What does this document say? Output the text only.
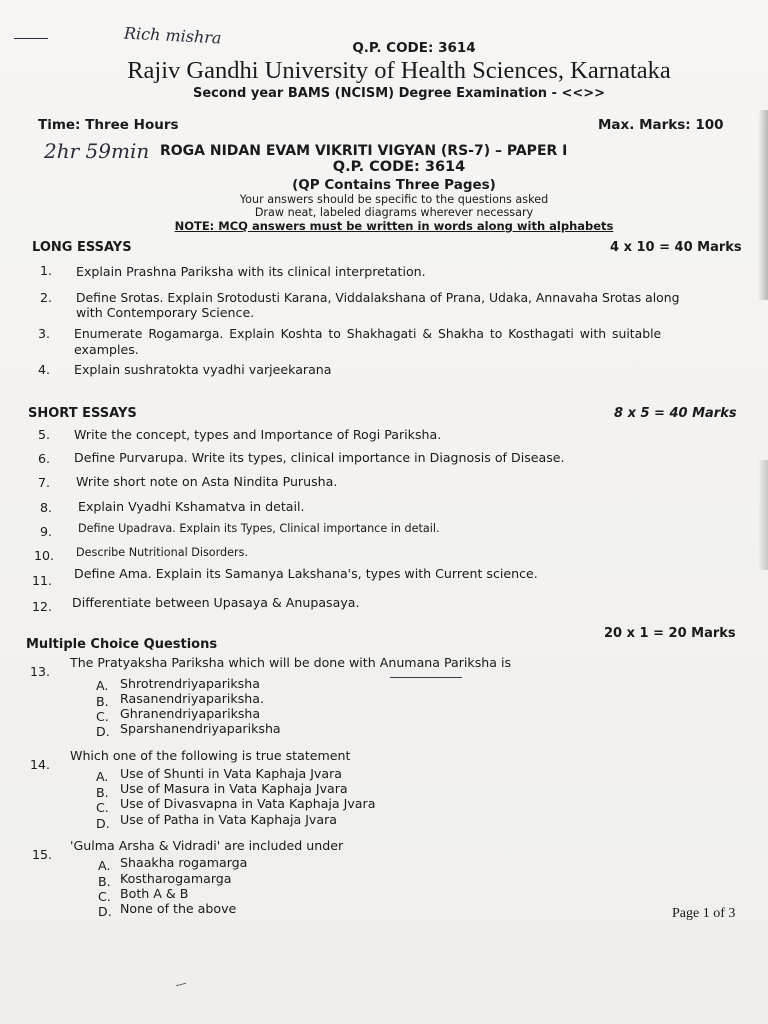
Rich mishra
Q.P. CODE: 3614
Rajiv Gandhi University of Health Sciences, Karnataka
Second year BAMS (NCISM) Degree Examination - <<>>
Time: Three Hours	Max. Marks: 100
2hr 59min ROGA NIDAN EVAM VIKRITI VIGYAN (RS-7) – PAPER I
Q.P. CODE: 3614
(QP Contains Three Pages)
Your answers should be specific to the questions asked
Draw neat, labeled diagrams wherever necessary
NOTE: MCQ answers must be written in words along with alphabets
LONG ESSAYS	4 x 10 = 40 Marks
1. Explain Prashna Pariksha with its clinical interpretation.
2. Define Srotas. Explain Srotodusti Karana, Viddalakshana of Prana, Udaka, Annavaha Srotas along
with Contemporary Science.
3. Enumerate Rogamarga. Explain Koshta to Shakhagati & Shakha to Kosthagati with suitable
examples.
4. Explain sushratokta vyadhi varjeekarana
SHORT ESSAYS	8 x 5 = 40 Marks
5. Write the concept, types and Importance of Rogi Pariksha.
6. Define Purvarupa. Write its types, clinical importance in Diagnosis of Disease.
7. Write short note on Asta Nindita Purusha.
8. Explain Vyadhi Kshamatva in detail.
9. Define Upadrava. Explain its Types, Clinical importance in detail.
10. Describe Nutritional Disorders.
11. Define Ama. Explain its Samanya Lakshana's, types with Current science.
12. Differentiate between Upasaya & Anupasaya.
Multiple Choice Questions
20 x 1 = 20 Marks
13.
The Pratyaksha Pariksha which will be done with Anumana Pariksha is
A. Shrotrendriyapariksha
B. Rasanendriyapariksha.
C. Ghranendriyapariksha
D. Sparshanendriyapariksha
14.
Which one of the following is true statement
A. Use of Shunti in Vata Kaphaja Jvara
B. Use of Masura in Vata Kaphaja Jvara
C. Use of Divasvapna in Vata Kaphaja Jvara
D. Use of Patha in Vata Kaphaja Jvara
15.
'Gulma Arsha & Vidradi' are included under
A. Shaakha rogamarga
B. Kostharogamarga
C. Both A & B
D. None of the above	Page 1 of 3
